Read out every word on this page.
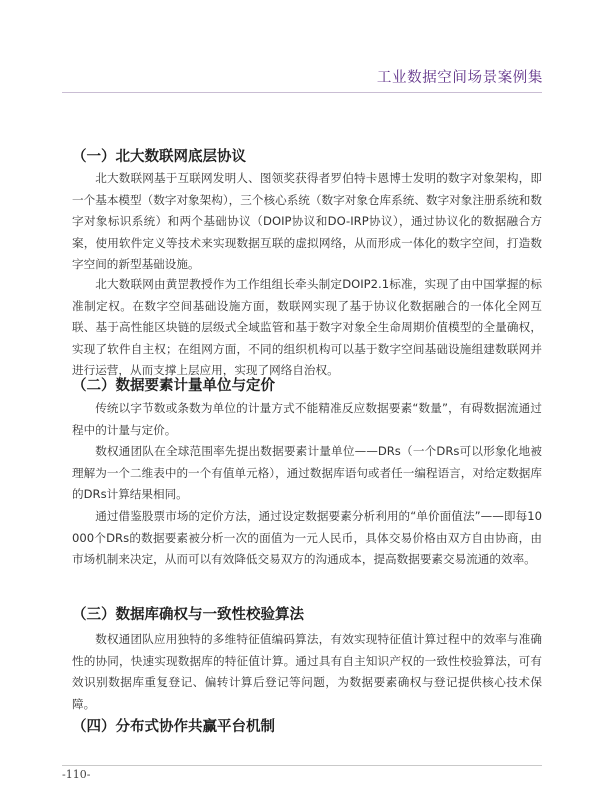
工业数据空间场景案例集
（一）北大数联网底层协议

北大数联网基于互联网发明人、图领奖获得者罗伯特卡恩博士发明的数字对象架构，即一个基本模型（数字对象架构），三个核心系统（数字对象仓库系统、数字对象注册系统和数字对象标识系统）和两个基础协议（DOIP协议和DO-IRP协议），通过协议化的数据融合方案，使用软件定义等技术来实现数据互联的虚拟网络，从而形成一体化的数字空间，打造数字空间的新型基础设施。

北大数联网由黄罡教授作为工作组组长牵头制定DOIP2.1标准，实现了由中国掌握的标准制定权。在数字空间基础设施方面，数联网实现了基于协议化数据融合的一体化全网互联、基于高性能区块链的层级式全域监管和基于数字对象全生命周期价值模型的全量确权，实现了软件自主权；在组网方面，不同的组织机构可以基于数字空间基础设施组建数联网并进行运营，从而支撑上层应用，实现了网络自治权。

（二）数据要素计量单位与定价

传统以字节数或条数为单位的计量方式不能精准反应数据要素“数量”，有碍数据流通过程中的计量与定价。

数权通团队在全球范围率先提出数据要素计量单位——DRs（一个DRs可以形象化地被理解为一个二维表中的一个有值单元格），通过数据库语句或者任一编程语言，对给定数据库的DRs计算结果相同。

通过借鉴股票市场的定价方法，通过设定数据要素分析利用的“单价面值法”——即每10000个DRs的数据要素被分析一次的面值为一元人民币，具体交易价格由双方自由协商，由市场机制来决定，从而可以有效降低交易双方的沟通成本，提高数据要素交易流通的效率。

（三）数据库确权与一致性校验算法

数权通团队应用独特的多维特征值编码算法，有效实现特征值计算过程中的效率与准确性的协同，快速实现数据库的特征值计算。通过具有自主知识产权的一致性校验算法，可有效识别数据库重复登记、偏转计算后登记等问题，为数据要素确权与登记提供核心技术保障。

（四）分布式协作共赢平台机制
-110-
